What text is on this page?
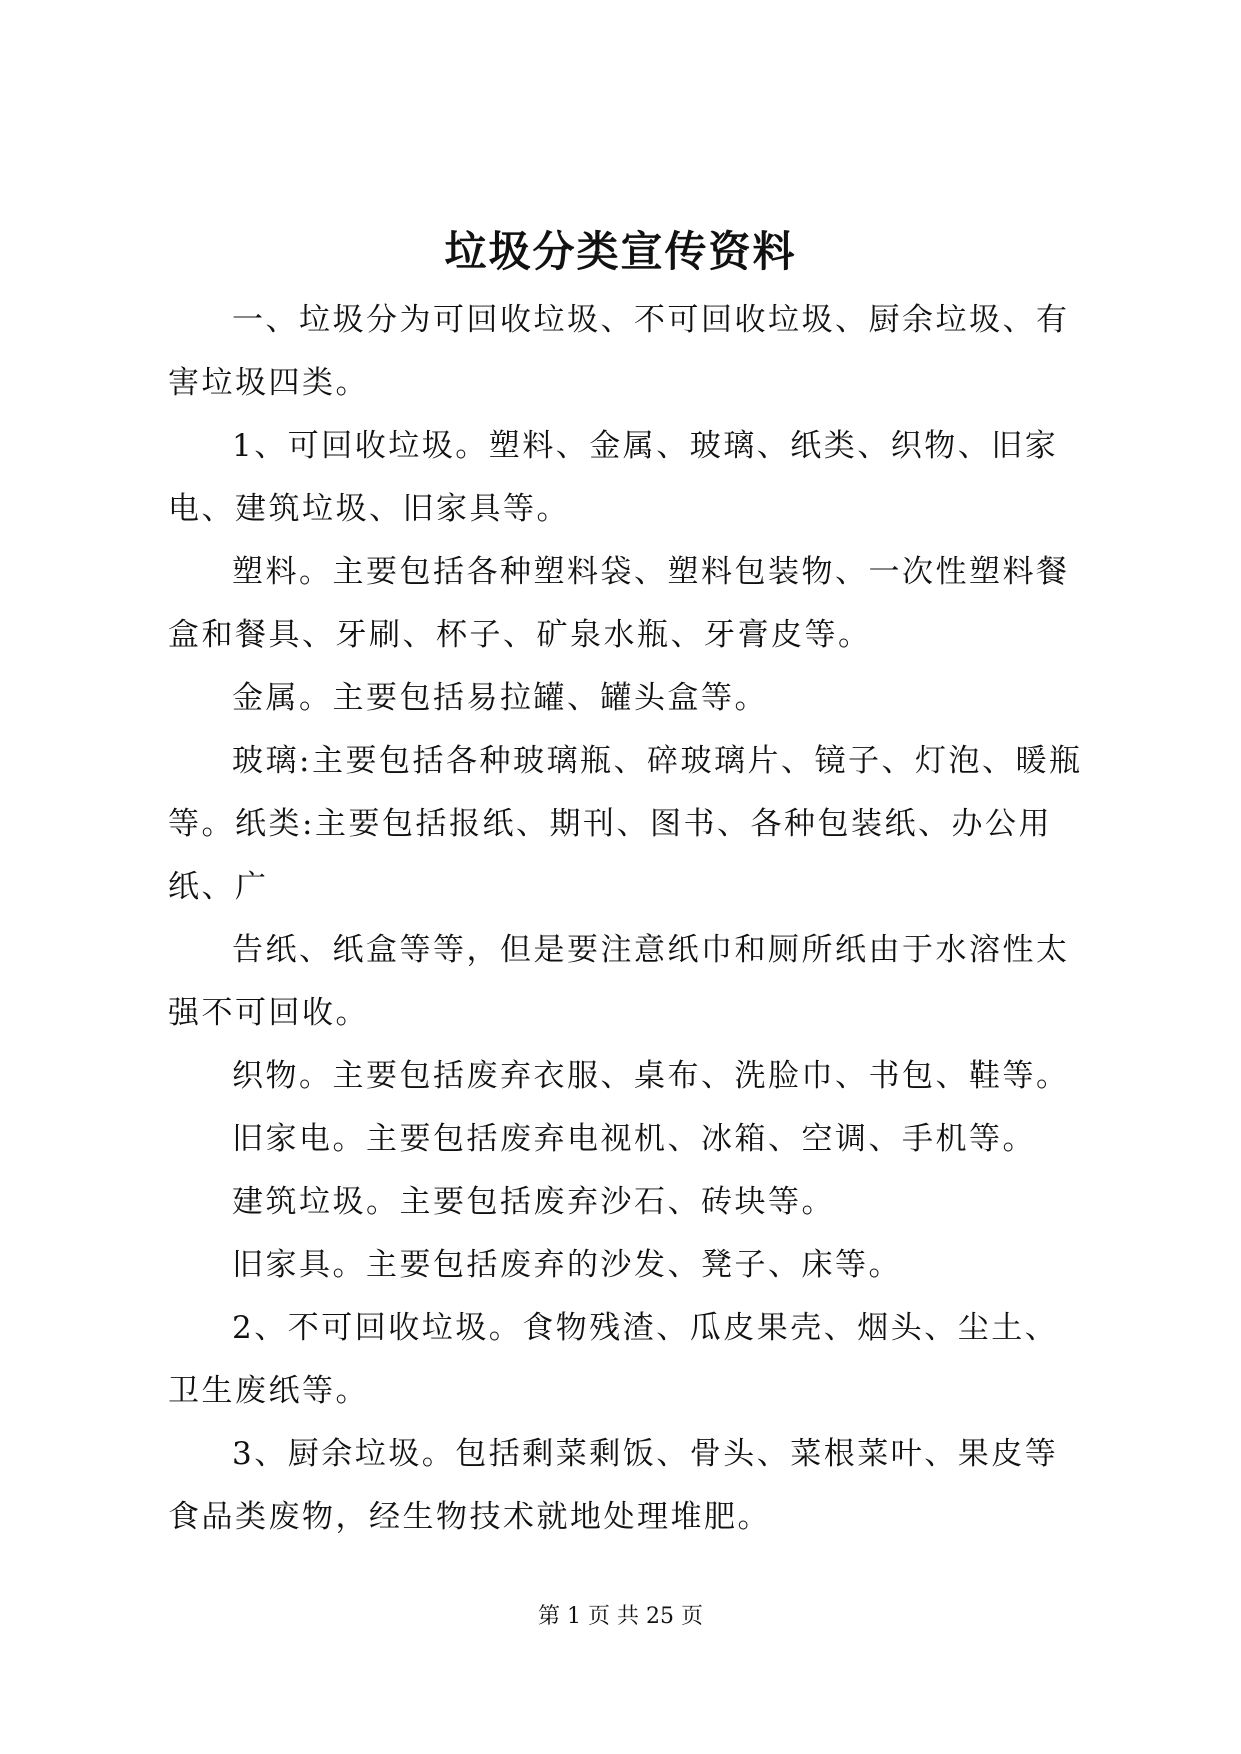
垃圾分类宣传资料

一、垃圾分为可回收垃圾、不可回收垃圾、厨余垃圾、有害垃圾四类。

1、可回收垃圾。塑料、金属、玻璃、纸类、织物、旧家电、建筑垃圾、旧家具等。

塑料。主要包括各种塑料袋、塑料包装物、一次性塑料餐盒和餐具、牙刷、杯子、矿泉水瓶、牙膏皮等。

金属。主要包括易拉罐、罐头盒等。

玻璃:主要包括各种玻璃瓶、碎玻璃片、镜子、灯泡、暖瓶等。纸类:主要包括报纸、期刊、图书、各种包装纸、办公用纸、广

告纸、纸盒等等，但是要注意纸巾和厕所纸由于水溶性太强不可回收。

织物。主要包括废弃衣服、桌布、洗脸巾、书包、鞋等。

旧家电。主要包括废弃电视机、冰箱、空调、手机等。

建筑垃圾。主要包括废弃沙石、砖块等。

旧家具。主要包括废弃的沙发、凳子、床等。

2、不可回收垃圾。食物残渣、瓜皮果壳、烟头、尘土、卫生废纸等。

3、厨余垃圾。包括剩菜剩饭、骨头、菜根菜叶、果皮等食品类废物，经生物技术就地处理堆肥。

第 1 页 共 25 页
